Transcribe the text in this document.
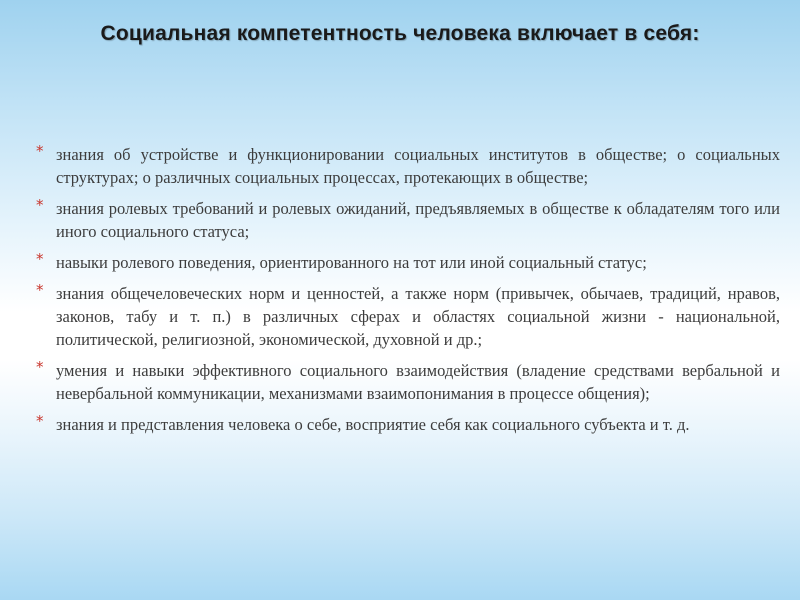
Социальная компетентность человека включает в себя:
* знания об устройстве и функционировании социальных институтов в обществе; о социальных структурах; о различных социальных процессах, протекающих в обществе;
* знания ролевых требований и ролевых ожиданий, предъявляемых в обществе к обладателям того или иного социального статуса;
* навыки ролевого поведения, ориентированного на тот или иной социальный статус;
* знания общечеловеческих норм и ценностей, а также норм (привычек, обычаев, традиций, нравов, законов, табу и т. п.) в различных сферах и областях социальной жизни - национальной, политической, религиозной, экономической, духовной и др.;
* умения и навыки эффективного социального взаимодействия (владение средствами вербальной и невербальной коммуникации, механизмами взаимопонимания в процессе общения);
* знания и представления человека о себе, восприятие себя как социального субъекта и т. д.
